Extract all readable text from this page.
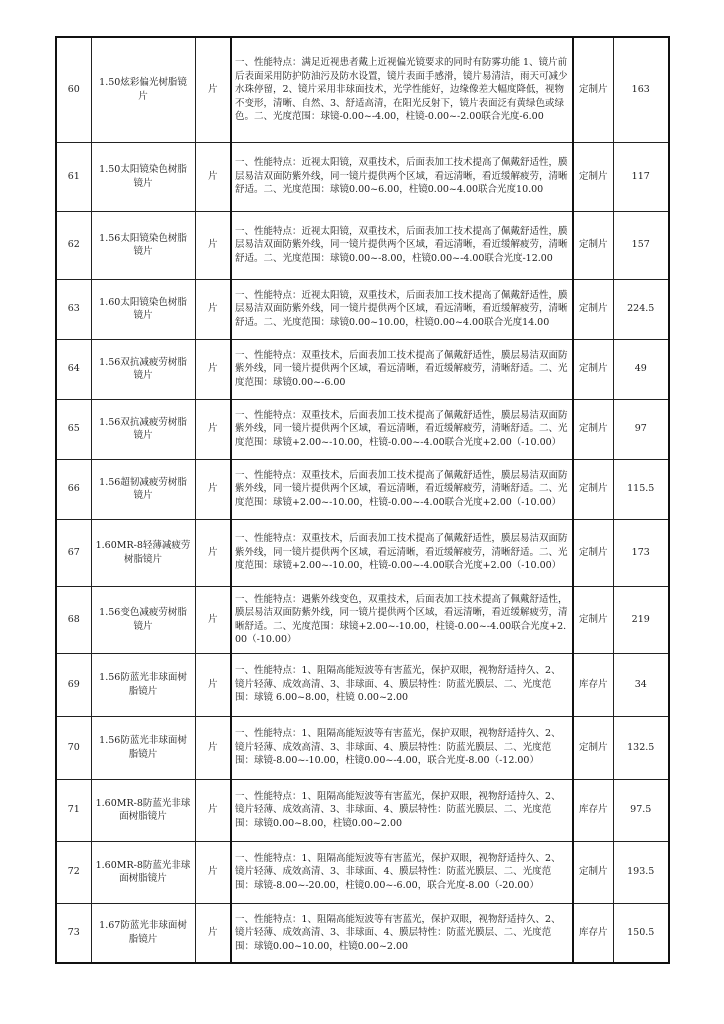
60	1.50炫彩偏光树脂镜片	片	一、性能特点：满足近视患者戴上近视偏光镜要求的同时有防雾功能 1、镜片前后表面采用防护防油污及防水设置，镜片表面手感滑，镜片易清洁，雨天可减少水珠停留，2、镜片采用非球面技术，光学性能好，边缘像差大幅度降低，视物不变形，清晰、自然、3、舒适高清，在阳光反射下，镜片表面泛有黄绿色或绿色。二、光度范围：球镜-0.00~-4.00，柱镜-0.00~-2.00联合光度-6.00	定制片	163
61	1.50太阳镜染色树脂镜片	片	一、性能特点：近视太阳镜，双重技术，后面表加工技术提高了佩戴舒适性，膜层易洁双面防紫外线，同一镜片提供两个区域，看远清晰，看近缓解疲劳，清晰舒适。二、光度范围：球镜0.00~6.00，柱镜0.00~4.00联合光度10.00	定制片	117
62	1.56太阳镜染色树脂镜片	片	一、性能特点：近视太阳镜，双重技术，后面表加工技术提高了佩戴舒适性，膜层易洁双面防紫外线，同一镜片提供两个区域，看远清晰，看近缓解疲劳，清晰舒适。二、光度范围：球镜0.00~-8.00，柱镜0.00~-4.00联合光度-12.00	定制片	157
63	1.60太阳镜染色树脂镜片	片	一、性能特点：近视太阳镜，双重技术，后面表加工技术提高了佩戴舒适性，膜层易洁双面防紫外线，同一镜片提供两个区域，看远清晰，看近缓解疲劳，清晰舒适。二、光度范围：球镜0.00~10.00，柱镜0.00~4.00联合光度14.00	定制片	224.5
64	1.56双抗减疲劳树脂镜片	片	一、性能特点：双重技术，后面表加工技术提高了佩戴舒适性，膜层易洁双面防紫外线，同一镜片提供两个区域，看远清晰，看近缓解疲劳，清晰舒适。二、光度范围：球镜0.00~-6.00	定制片	49
65	1.56双抗减疲劳树脂镜片	片	一、性能特点：双重技术，后面表加工技术提高了佩戴舒适性，膜层易洁双面防紫外线，同一镜片提供两个区域，看远清晰，看近缓解疲劳，清晰舒适。二、光度范围：球镜+2.00~-10.00，柱镜-0.00~-4.00联合光度+2.00（-10.00）	定制片	97
66	1.56超韧减疲劳树脂镜片	片	一、性能特点：双重技术，后面表加工技术提高了佩戴舒适性，膜层易洁双面防紫外线，同一镜片提供两个区域，看远清晰，看近缓解疲劳，清晰舒适。二、光度范围：球镜+2.00~-10.00，柱镜-0.00~-4.00联合光度+2.00（-10.00）	定制片	115.5
67	1.60MR-8轻薄减疲劳树脂镜片	片	一、性能特点：双重技术，后面表加工技术提高了佩戴舒适性，膜层易洁双面防紫外线，同一镜片提供两个区域，看远清晰，看近缓解疲劳，清晰舒适。二、光度范围：球镜+2.00~-10.00，柱镜-0.00~-4.00联合光度+2.00（-10.00）	定制片	173
68	1.56变色减疲劳树脂镜片	片	一、性能特点：遇紫外线变色，双重技术，后面表加工技术提高了佩戴舒适性，膜层易洁双面防紫外线，同一镜片提供两个区域，看远清晰，看近缓解疲劳，清晰舒适。二、光度范围：球镜+2.00~-10.00，柱镜-0.00~-4.00联合光度+2.00（-10.00）	定制片	219
69	1.56防蓝光非球面树脂镜片	片	一、性能特点：1、阻隔高能短波等有害蓝光，保护双眼，视物舒适持久、2、镜片轻薄、成效高清、3、非球面、4、膜层特性：防蓝光膜层、二、光度范围：球镜 6.00~8.00，柱镜 0.00~2.00	库存片	34
70	1.56防蓝光非球面树脂镜片	片	一、性能特点：1、阻隔高能短波等有害蓝光，保护双眼，视物舒适持久、2、镜片轻薄、成效高清、3、非球面、4、膜层特性：防蓝光膜层、二、光度范围：球镜-8.00~-10.00，柱镜0.00~-4.00，联合光度-8.00（-12.00）	定制片	132.5
71	1.60MR-8防蓝光非球面树脂镜片	片	一、性能特点：1、阻隔高能短波等有害蓝光，保护双眼，视物舒适持久、2、镜片轻薄、成效高清、3、非球面、4、膜层特性：防蓝光膜层、二、光度范围：球镜0.00~8.00，柱镜0.00~2.00	库存片	97.5
72	1.60MR-8防蓝光非球面树脂镜片	片	一、性能特点：1、阻隔高能短波等有害蓝光，保护双眼，视物舒适持久、2、镜片轻薄、成效高清、3、非球面、4、膜层特性：防蓝光膜层、二、光度范围：球镜-8.00~-20.00，柱镜0.00~-6.00，联合光度-8.00（-20.00）	定制片	193.5
73	1.67防蓝光非球面树脂镜片	片	一、性能特点：1、阻隔高能短波等有害蓝光，保护双眼，视物舒适持久、2、镜片轻薄、成效高清、3、非球面、4、膜层特性：防蓝光膜层、二、光度范围：球镜0.00~10.00，柱镜0.00~2.00	库存片	150.5
